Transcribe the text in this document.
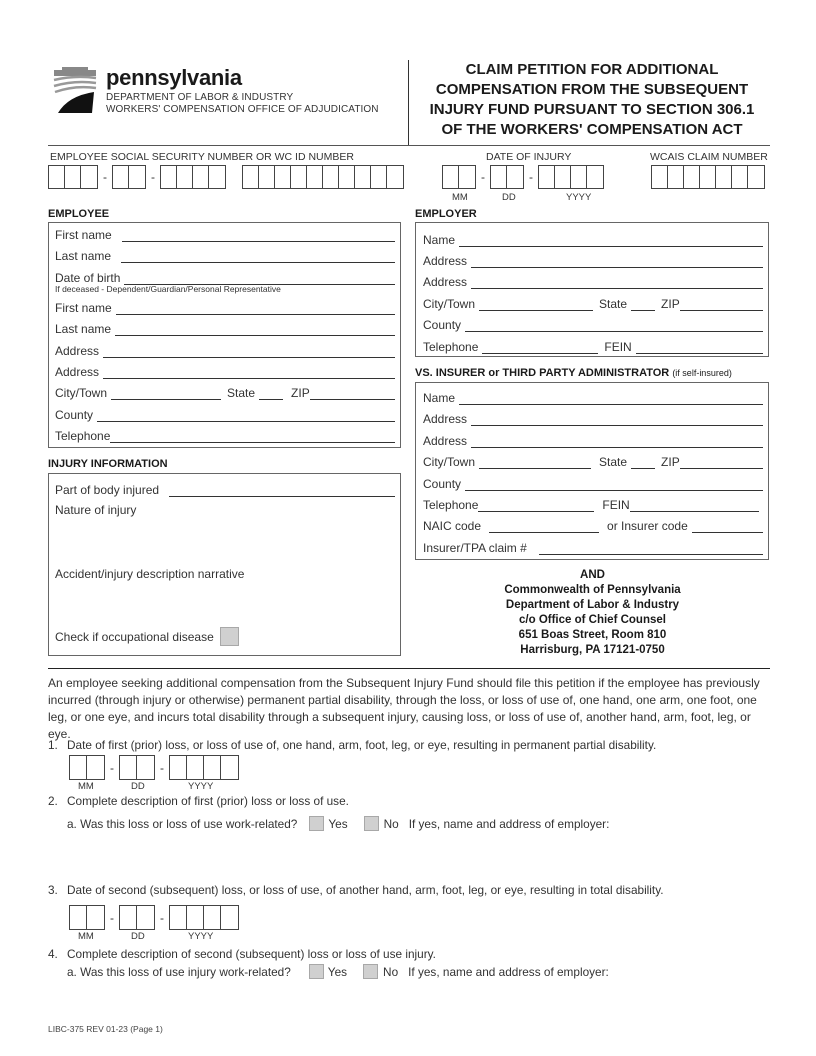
pennsylvania
DEPARTMENT OF LABOR & INDUSTRY
WORKERS' COMPENSATION OFFICE OF ADJUDICATION
CLAIM PETITION FOR ADDITIONAL
COMPENSATION FROM THE SUBSEQUENT
INJURY FUND PURSUANT TO SECTION 306.1
OF THE WORKERS' COMPENSATION ACT
EMPLOYEE SOCIAL SECURITY NUMBER OR WC ID NUMBER
-	-
DATE OF INJURY
-	-
MM	DD	YYYY
WCAIS CLAIM NUMBER
EMPLOYEE
First name
Last name
Date of birth
If deceased - Dependent/Guardian/Personal Representative
First name
Last name
Address
Address
City/Town	State	ZIP
County
Telephone
INJURY INFORMATION
Part of body injured
Nature of injury
Accident/injury description narrative
Check if occupational disease
EMPLOYER
Name
Address
Address
City/Town	State	ZIP
County
Telephone	FEIN
VS. INSURER or THIRD PARTY ADMINISTRATOR (if self-insured)
Name
Address
Address
City/Town	State	ZIP
County
Telephone	FEIN
NAIC code	or Insurer code
Insurer/TPA claim #
AND
Commonwealth of Pennsylvania
Department of Labor & Industry
c/o Office of Chief Counsel
651 Boas Street, Room 810
Harrisburg, PA 17121-0750
An employee seeking additional compensation from the Subsequent Injury Fund should file this petition if the employee has previously incurred (through injury or otherwise) permanent partial disability, through the loss, or loss of use of, one hand, one arm, one foot, one leg, or one eye, and incurs total disability through a subsequent injury, causing loss, or loss of use of, another hand, arm, foot, leg, or eye.
1. Date of first (prior) loss, or loss of use of, one hand, arm, foot, leg, or eye, resulting in permanent partial disability.
-	-
MM	DD	YYYY
2. Complete description of first (prior) loss or loss of use.
a. Was this loss or loss of use work-related?	Yes	No If yes, name and address of employer:
3. Date of second (subsequent) loss, or loss of use, of another hand, arm, foot, leg, or eye, resulting in total disability.
-	-
MM	DD	YYYY
4. Complete description of second (subsequent) loss or loss of use injury.
a. Was this loss of use injury work-related?	Yes	No If yes, name and address of employer:
LIBC-375 REV 01-23 (Page 1)
